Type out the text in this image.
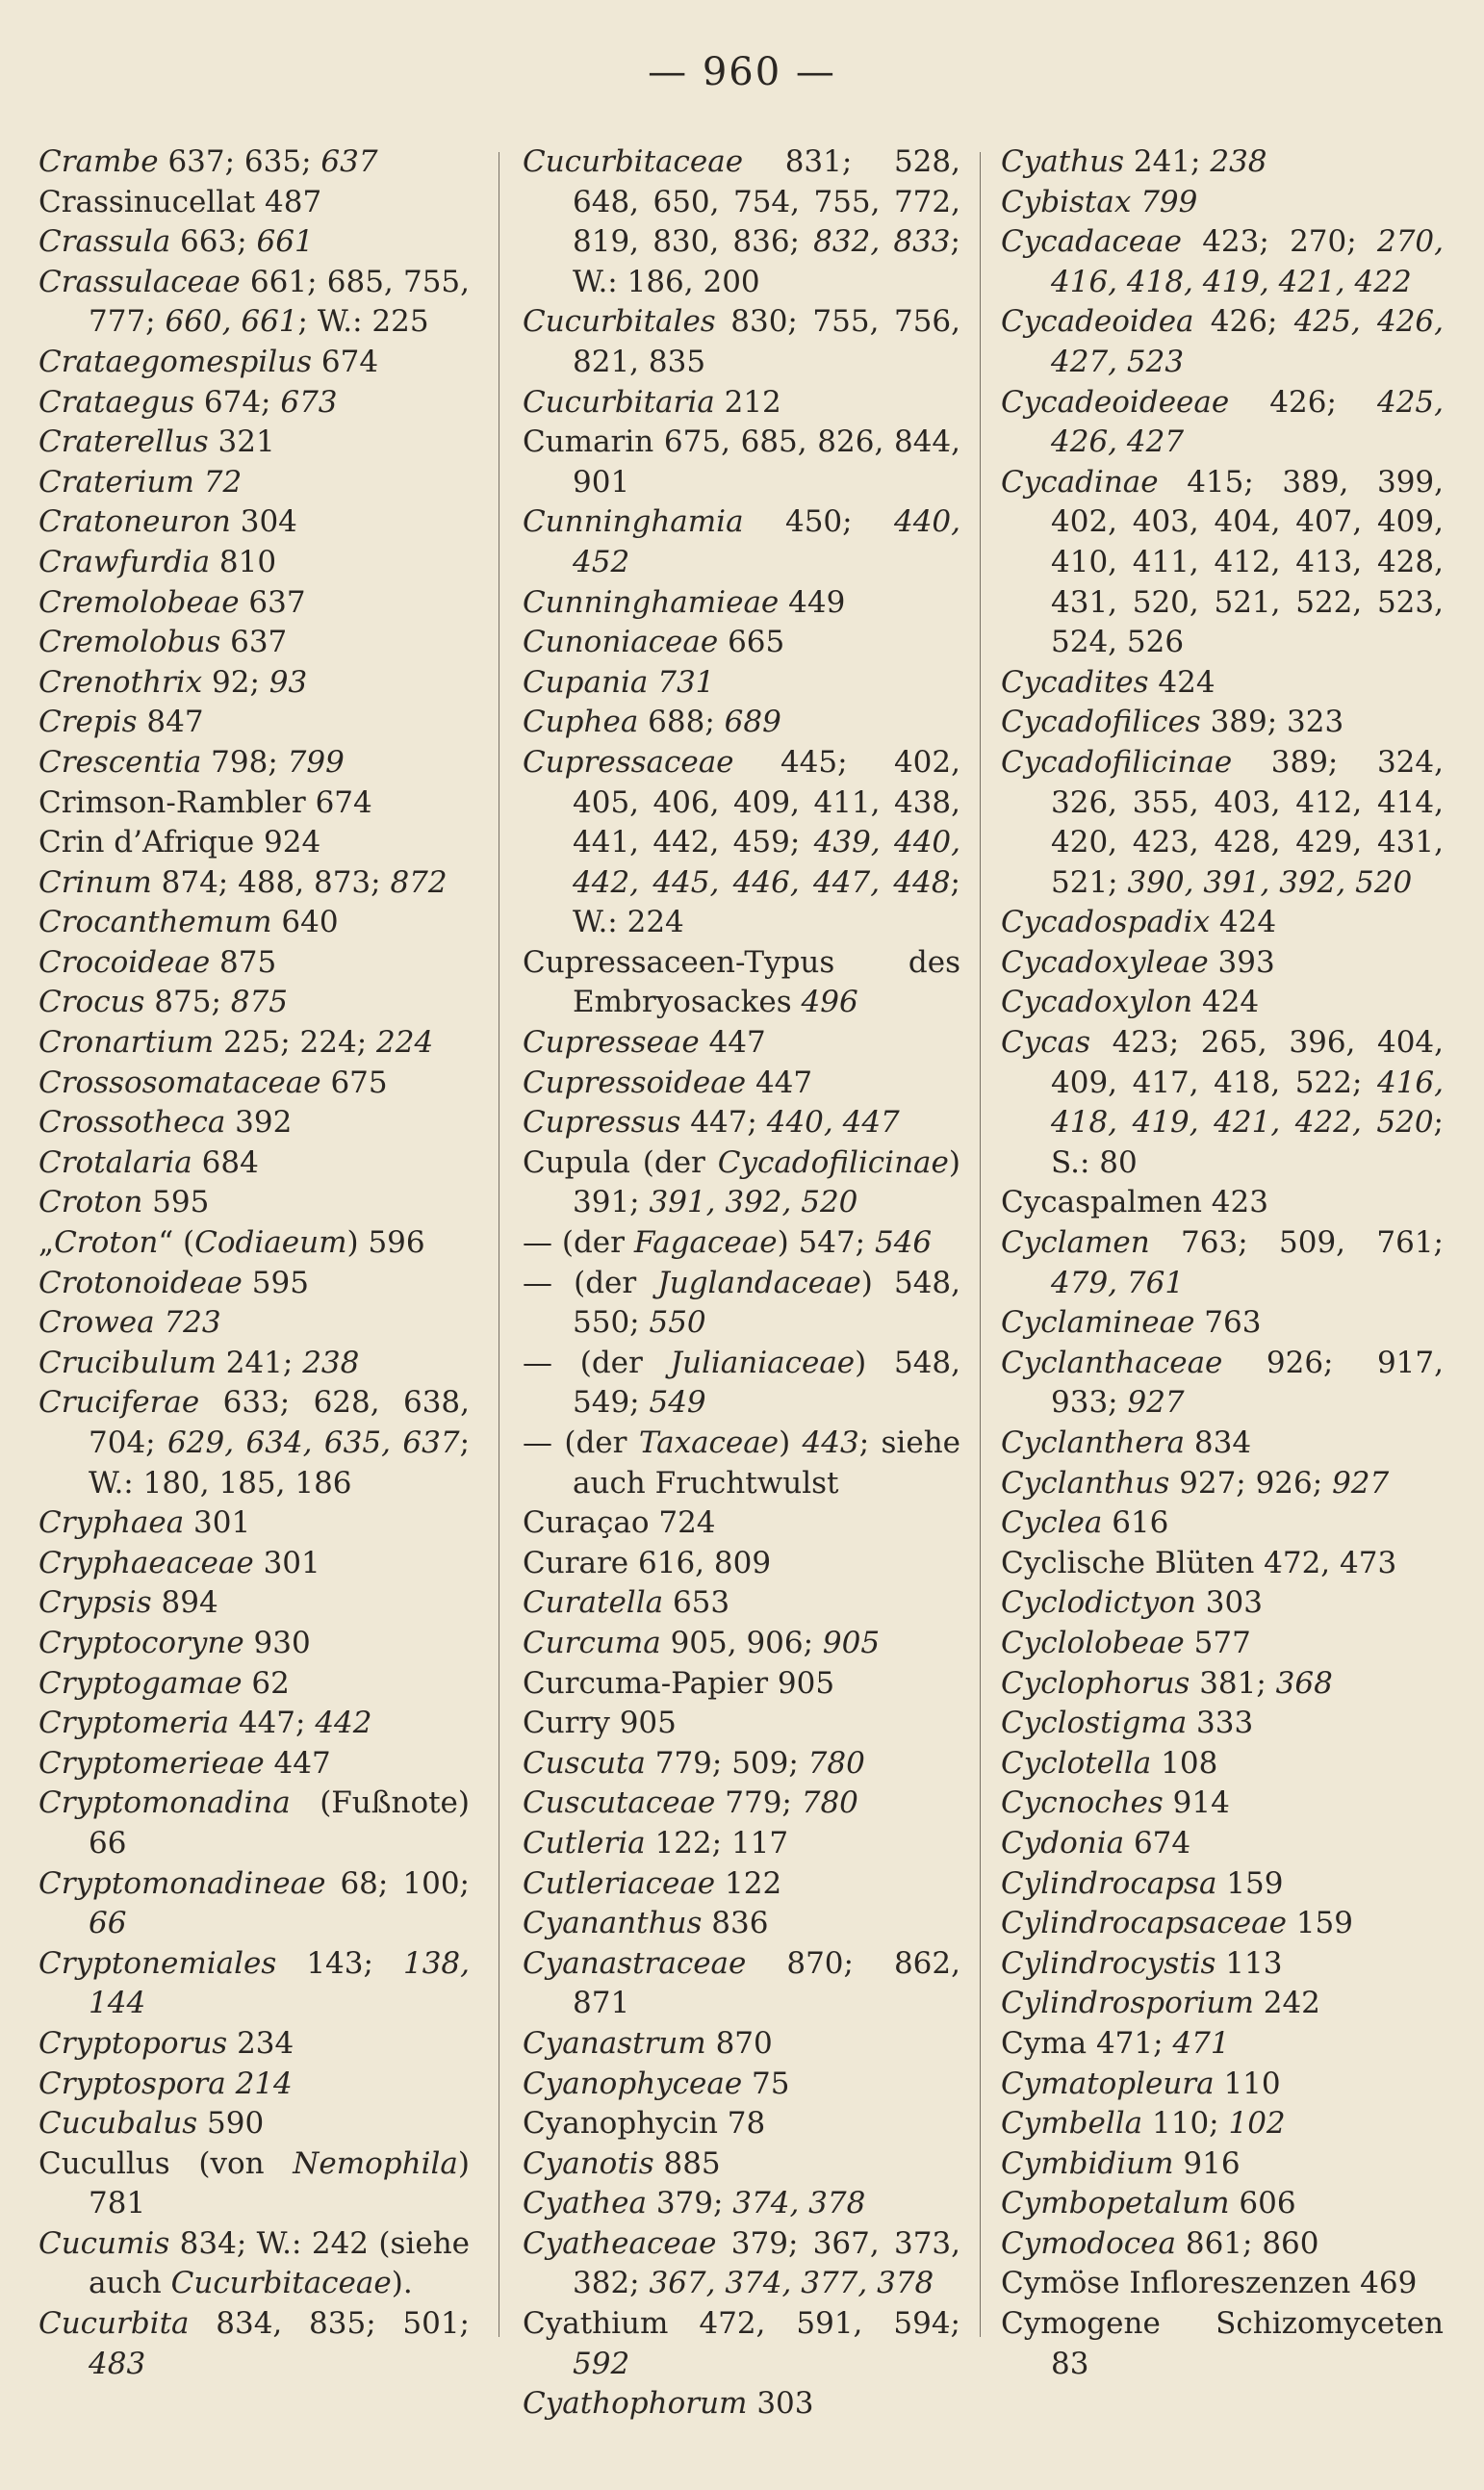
— 960 —

Crambe 637; 635; 637

Crassinucellat 487

Crassula 663; 661

Crassulaceae 661; 685, 755, 777; 660, 661; W.: 225

Crataegomespilus 674

Crataegus 674; 673

Craterellus 321

Craterium 72

Cratoneuron 304

Crawfurdia 810

Cremolobeae 637

Cremolobus 637

Crenothrix 92; 93

Crepis 847

Crescentia 798; 799

Crimson-Rambler 674

Crin d’Afrique 924

Crinum 874; 488, 873; 872

Crocanthemum 640

Crocoideae 875

Crocus 875; 875

Cronartium 225; 224; 224

Crossosomataceae 675

Crossotheca 392

Crotalaria 684

Croton 595

„Croton“ (Codiaeum) 596

Crotonoideae 595

Crowea 723

Crucibulum 241; 238

Cruciferae 633; 628, 638, 704; 629, 634, 635, 637; W.: 180, 185, 186

Cryphaea 301

Cryphaeaceae 301

Crypsis 894

Cryptocoryne 930

Cryptogamae 62

Cryptomeria 447; 442

Cryptomerieae 447

Cryptomonadina (Fußnote) 66

Cryptomonadineae 68; 100; 66

Cryptonemiales 143; 138, 144

Cryptoporus 234

Cryptospora 214

Cucubalus 590

Cucullus (von Nemophila) 781

Cucumis 834; W.: 242 (siehe auch Cucurbitaceae).

Cucurbita 834, 835; 501; 483

Cucurbitaceae 831; 528, 648, 650, 754, 755, 772, 819, 830, 836; 832, 833; W.: 186, 200

Cucurbitales 830; 755, 756, 821, 835

Cucurbitaria 212

Cumarin 675, 685, 826, 844, 901

Cunninghamia 450; 440, 452

Cunninghamieae 449

Cunoniaceae 665

Cupania 731

Cuphea 688; 689

Cupressaceae 445; 402, 405, 406, 409, 411, 438, 441, 442, 459; 439, 440, 442, 445, 446, 447, 448; W.: 224

Cupressaceen-Typus des Embryosackes 496

Cupresseae 447

Cupressoideae 447

Cupressus 447; 440, 447

Cupula (der Cycadofilicinae) 391; 391, 392, 520

— (der Fagaceae) 547; 546

— (der Juglandaceae) 548, 550; 550

— (der Julianiaceae) 548, 549; 549

— (der Taxaceae) 443; siehe auch Fruchtwulst

Curaçao 724

Curare 616, 809

Curatella 653

Curcuma 905, 906; 905

Curcuma-Papier 905

Curry 905

Cuscuta 779; 509; 780

Cuscutaceae 779; 780

Cutleria 122; 117

Cutleriaceae 122

Cyananthus 836

Cyanastraceae 870; 862, 871

Cyanastrum 870

Cyanophyceae 75

Cyanophycin 78

Cyanotis 885

Cyathea 379; 374, 378

Cyatheaceae 379; 367, 373, 382; 367, 374, 377, 378

Cyathium 472, 591, 594; 592

Cyathophorum 303

Cyathus 241; 238

Cybistax 799

Cycadaceae 423; 270; 270, 416, 418, 419, 421, 422

Cycadeoidea 426; 425, 426, 427, 523

Cycadeoideeae 426; 425, 426, 427

Cycadinae 415; 389, 399, 402, 403, 404, 407, 409, 410, 411, 412, 413, 428, 431, 520, 521, 522, 523, 524, 526

Cycadites 424

Cycadofilices 389; 323

Cycadofilicinae 389; 324, 326, 355, 403, 412, 414, 420, 423, 428, 429, 431, 521; 390, 391, 392, 520

Cycadospadix 424

Cycadoxyleae 393

Cycadoxylon 424

Cycas 423; 265, 396, 404, 409, 417, 418, 522; 416, 418, 419, 421, 422, 520; S.: 80

Cycaspalmen 423

Cyclamen 763; 509, 761; 479, 761

Cyclamineae 763

Cyclanthaceae 926; 917, 933; 927

Cyclanthera 834

Cyclanthus 927; 926; 927

Cyclea 616

Cyclische Blüten 472, 473

Cyclodictyon 303

Cyclolobeae 577

Cyclophorus 381; 368

Cyclostigma 333

Cyclotella 108

Cycnoches 914

Cydonia 674

Cylindrocapsa 159

Cylindrocapsaceae 159

Cylindrocystis 113

Cylindrosporium 242

Cyma 471; 471

Cymatopleura 110

Cymbella 110; 102

Cymbidium 916

Cymbopetalum 606

Cymodocea 861; 860

Cymöse Infloreszenzen 469

Cymogene Schizomyceten 83
